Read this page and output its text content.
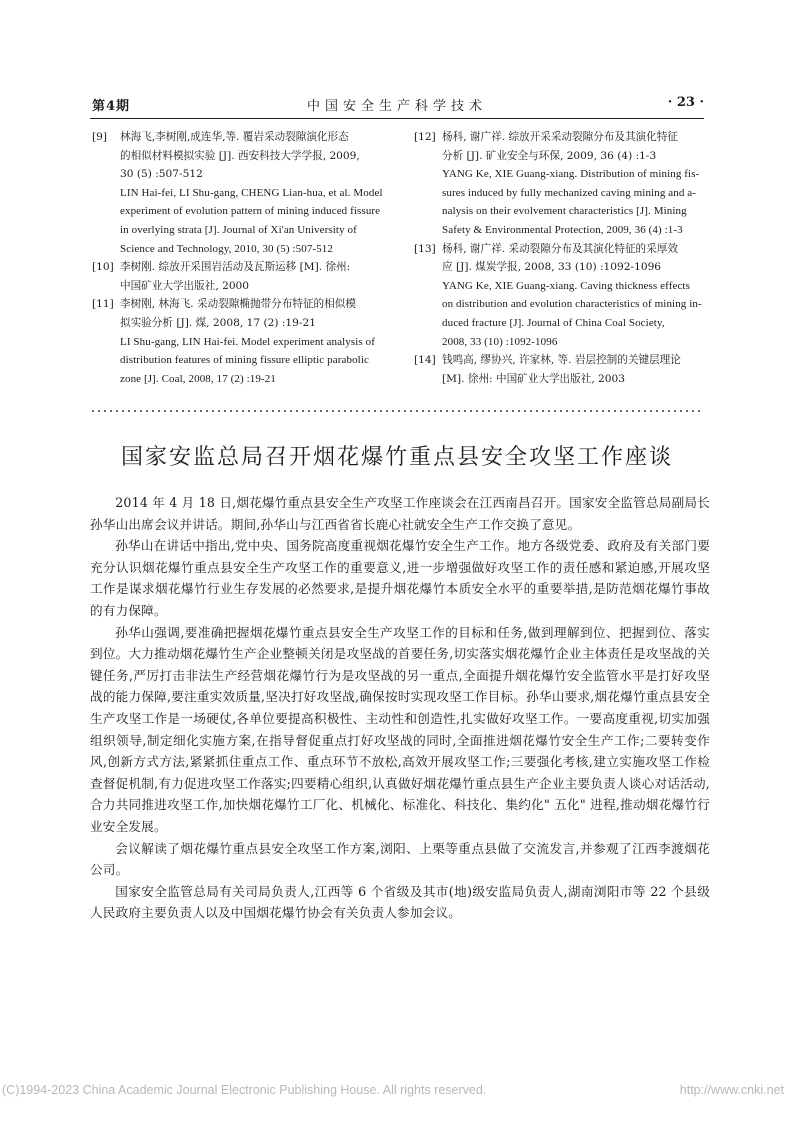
第4期	中国安全生产科学技术	· 23 ·
[9]	林海飞,李树刚,成连华,等. 覆岩采动裂隙演化形态
的相似材料模拟实验 [J]. 西安科技大学学报, 2009,
30 (5) :507-512
LIN Hai-fei, LI Shu-gang, CHENG Lian-hua, et al. Model
experiment of evolution pattern of mining induced fissure
in overlying strata [J]. Journal of Xi'an University of
Science and Technology, 2010, 30 (5) :507-512
[10] 李树刚. 综放开采围岩活动及瓦斯运移 [M]. 徐州:
中国矿业大学出版社, 2000
[11] 李树刚, 林海飞. 采动裂隙椭抛带分布特征的相似模
拟实验分析 [J]. 煤, 2008, 17 (2) :19-21
LI Shu-gang, LIN Hai-fei. Model experiment analysis of
distribution features of mining fissure elliptic parabolic
zone [J]. Coal, 2008, 17 (2) :19-21
[12] 杨科, 谢广祥. 综放开采采动裂隙分布及其演化特征
分析 [J]. 矿业安全与环保, 2009, 36 (4) :1-3
YANG Ke, XIE Guang-xiang. Distribution of mining fis-
sures induced by fully mechanized caving mining and a-
nalysis on their evolvement characteristics [J]. Mining
Safety & Environmental Protection, 2009, 36 (4) :1-3
[13] 杨科, 谢广祥. 采动裂隙分布及其演化特征的采厚效
应 [J]. 煤炭学报, 2008, 33 (10) :1092-1096
YANG Ke, XIE Guang-xiang. Caving thickness effects
on distribution and evolution characteristics of mining in-
duced fracture [J]. Journal of China Coal Society,
2008, 33 (10) :1092-1096
[14] 钱鸣高, 缪协兴, 许家林, 等. 岩层控制的关键层理论
[M]. 徐州: 中国矿业大学出版社, 2003
国家安监总局召开烟花爆竹重点县安全攻坚工作座谈

2014 年 4 月 18 日,烟花爆竹重点县安全生产攻坚工作座谈会在江西南昌召开。国家安全监管总局副局长孙华山出席会议并讲话。期间,孙华山与江西省省长鹿心社就安全生产工作交换了意见。

孙华山在讲话中指出,党中央、国务院高度重视烟花爆竹安全生产工作。地方各级党委、政府及有关部门要充分认识烟花爆竹重点县安全生产攻坚工作的重要意义,进一步增强做好攻坚工作的责任感和紧迫感,开展攻坚工作是谋求烟花爆竹行业生存发展的必然要求,是提升烟花爆竹本质安全水平的重要举措,是防范烟花爆竹事故的有力保障。

孙华山强调,要准确把握烟花爆竹重点县安全生产攻坚工作的目标和任务,做到理解到位、把握到位、落实到位。大力推动烟花爆竹生产企业整顿关闭是攻坚战的首要任务,切实落实烟花爆竹企业主体责任是攻坚战的关键任务,严厉打击非法生产经营烟花爆竹行为是攻坚战的另一重点,全面提升烟花爆竹安全监管水平是打好攻坚战的能力保障,要注重实效质量,坚决打好攻坚战,确保按时实现攻坚工作目标。孙华山要求,烟花爆竹重点县安全生产攻坚工作是一场硬仗,各单位要提高积极性、主动性和创造性,扎实做好攻坚工作。一要高度重视,切实加强组织领导,制定细化实施方案,在指导督促重点打好攻坚战的同时,全面推进烟花爆竹安全生产工作;二要转变作风,创新方式方法,紧紧抓住重点工作、重点环节不放松,高效开展攻坚工作;三要强化考核,建立实施攻坚工作检查督促机制,有力促进攻坚工作落实;四要精心组织,认真做好烟花爆竹重点县生产企业主要负责人谈心对话活动,合力共同推进攻坚工作,加快烟花爆竹工厂化、机械化、标准化、科技化、集约化" 五化" 进程,推动烟花爆竹行业安全发展。

会议解读了烟花爆竹重点县安全攻坚工作方案,浏阳、上栗等重点县做了交流发言,并参观了江西李渡烟花公司。

国家安全监管总局有关司局负责人,江西等 6 个省级及其市(地)级安监局负责人,湖南浏阳市等 22 个县级人民政府主要负责人以及中国烟花爆竹协会有关负责人参加会议。

(C)1994-2023 China Academic Journal Electronic Publishing House. All rights reserved.	http://www.cnki.net
